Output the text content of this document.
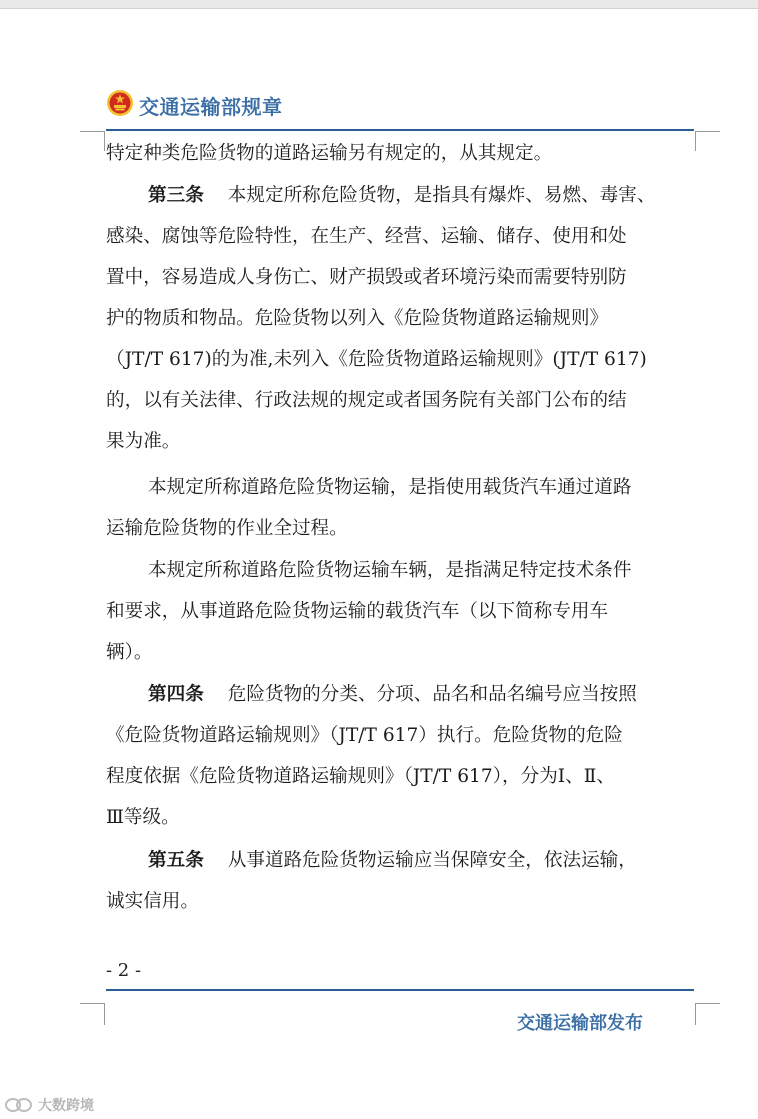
交通运输部规章
特定种类危险货物的道路运输另有规定的，从其规定。
第三条 本规定所称危险货物，是指具有爆炸、易燃、毒害、
感染、腐蚀等危险特性，在生产、经营、运输、储存、使用和处
置中，容易造成人身伤亡、财产损毁或者环境污染而需要特别防
护的物质和物品。危险货物以列入《危险货物道路运输规则》
（JT/T 617)的为准,未列入《危险货物道路运输规则》(JT/T 617)
的，以有关法律、行政法规的规定或者国务院有关部门公布的结
果为准。
本规定所称道路危险货物运输，是指使用载货汽车通过道路
运输危险货物的作业全过程。
本规定所称道路危险货物运输车辆，是指满足特定技术条件
和要求，从事道路危险货物运输的载货汽车（以下简称专用车
辆）。
第四条 危险货物的分类、分项、品名和品名编号应当按照
《危险货物道路运输规则》（JT/T 617）执行。危险货物的危险
程度依据《危险货物道路运输规则》（JT/T 617），分为Ⅰ、Ⅱ、
Ⅲ等级。
第五条 从事道路危险货物运输应当保障安全，依法运输，
诚实信用。
- 2 -
交通运输部发布
大数跨境
